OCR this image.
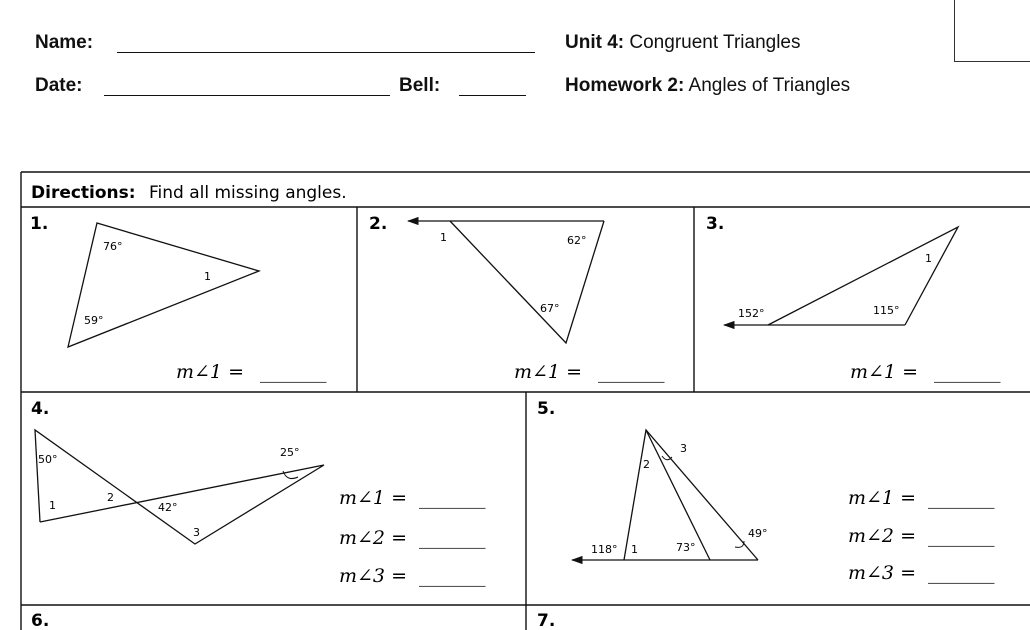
Name:
Date:	Bell:
Unit 4: Congruent Triangles
Homework 2: Angles of Triangles
Directions: Find all missing angles.
1.	2.	3.
4.	5.
6.	7.
76°
1
59°
m∠1 = _______
1	62°
67°
m∠1 = _______
1
152°	115°
m∠1 = _______
50°
1
2
42°
3
25°
m∠1 = _______
m∠2 = _______
m∠3 = _______
2
3
118° 1	73°
49°
m∠1 = _______
m∠2 = _______
m∠3 = _______
